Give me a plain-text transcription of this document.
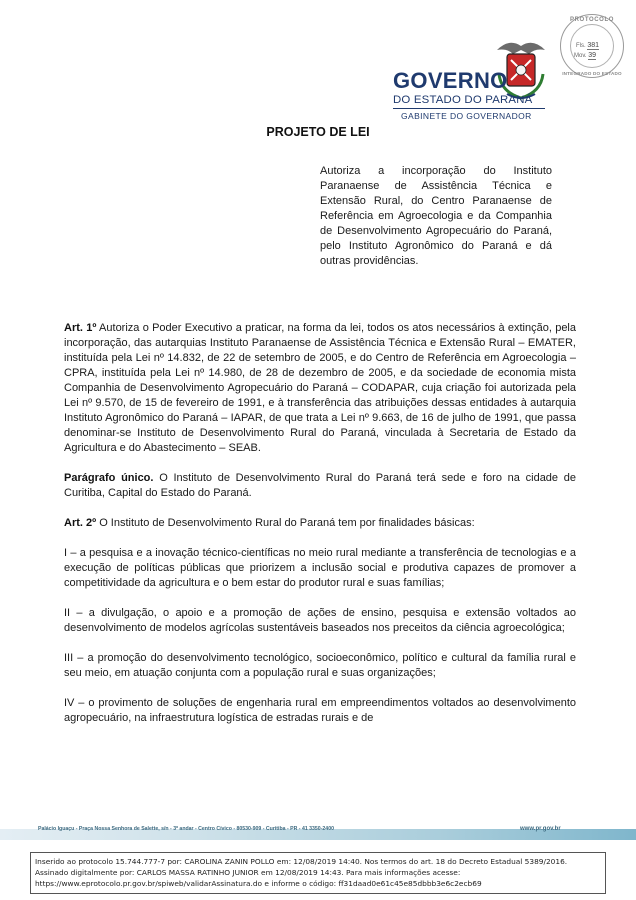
PROTOCOLO
Fls. 381
Mov. 39
INTEGRADO DO ESTADO
GOVERNO
DO ESTADO DO PARANÁ
GABINETE DO GOVERNADOR
PROJETO DE LEI
Autoriza a incorporação do Instituto Paranaense de Assistência Técnica e Extensão Rural, do Centro Paranaense de Referência em Agroecologia e da Companhia de Desenvolvimento Agropecuário do Paraná, pelo Instituto Agronômico do Paraná e dá outras providências.

Art. 1º Autoriza o Poder Executivo a praticar, na forma da lei, todos os atos necessários à extinção, pela incorporação, das autarquias Instituto Paranaense de Assistência Técnica e Extensão Rural – EMATER, instituída pela Lei nº 14.832, de 22 de setembro de 2005, e do Centro de Referência em Agroecologia – CPRA, instituída pela Lei nº 14.980, de 28 de dezembro de 2005, e da sociedade de economia mista Companhia de Desenvolvimento Agropecuário do Paraná – CODAPAR, cuja criação foi autorizada pela Lei nº 9.570, de 15 de fevereiro de 1991, e à transferência das atribuições dessas entidades à autarquia Instituto Agronômico do Paraná – IAPAR, de que trata a Lei nº 9.663, de 16 de julho de 1991, que passa denominar-se Instituto de Desenvolvimento Rural do Paraná, vinculada à Secretaria de Estado da Agricultura e do Abastecimento – SEAB.

Parágrafo único. O Instituto de Desenvolvimento Rural do Paraná terá sede e foro na cidade de Curitiba, Capital do Estado do Paraná.

Art. 2º O Instituto de Desenvolvimento Rural do Paraná tem por finalidades básicas:

I – a pesquisa e a inovação técnico-científicas no meio rural mediante a transferência de tecnologias e a execução de políticas públicas que priorizem a inclusão social e produtiva capazes de promover a competitividade da agricultura e o bem estar do produtor rural e suas famílias;

II – a divulgação, o apoio e a promoção de ações de ensino, pesquisa e extensão voltados ao desenvolvimento de modelos agrícolas sustentáveis baseados nos preceitos da ciência agroecológica;

III – a promoção do desenvolvimento tecnológico, socioeconômico, político e cultural da família rural e seu meio, em atuação conjunta com a população rural e suas organizações;

IV – o provimento de soluções de engenharia rural em empreendimentos voltados ao desenvolvimento agropecuário, na infraestrutura logística de estradas rurais e de

Palácio Iguaçu - Praça Nossa Senhora de Salette, s/n - 3º andar - Centro Cívico - 80530-909 - Curitiba - PR - 41 3350-2400	www.pr.gov.br
Inserido ao protocolo 15.744.777-7 por: CAROLINA ZANIN POLLO em: 12/08/2019 14:40. Nos termos do art. 18 do Decreto Estadual 5389/2016. Assinado digitalmente por: CARLOS MASSA RATINHO JUNIOR em 12/08/2019 14:43. Para mais informações acesse: https://www.eprotocolo.pr.gov.br/spiweb/validarAssinatura.do e informe o código: ff31daad0e61c45e85dbbb3e6c2ecb69
